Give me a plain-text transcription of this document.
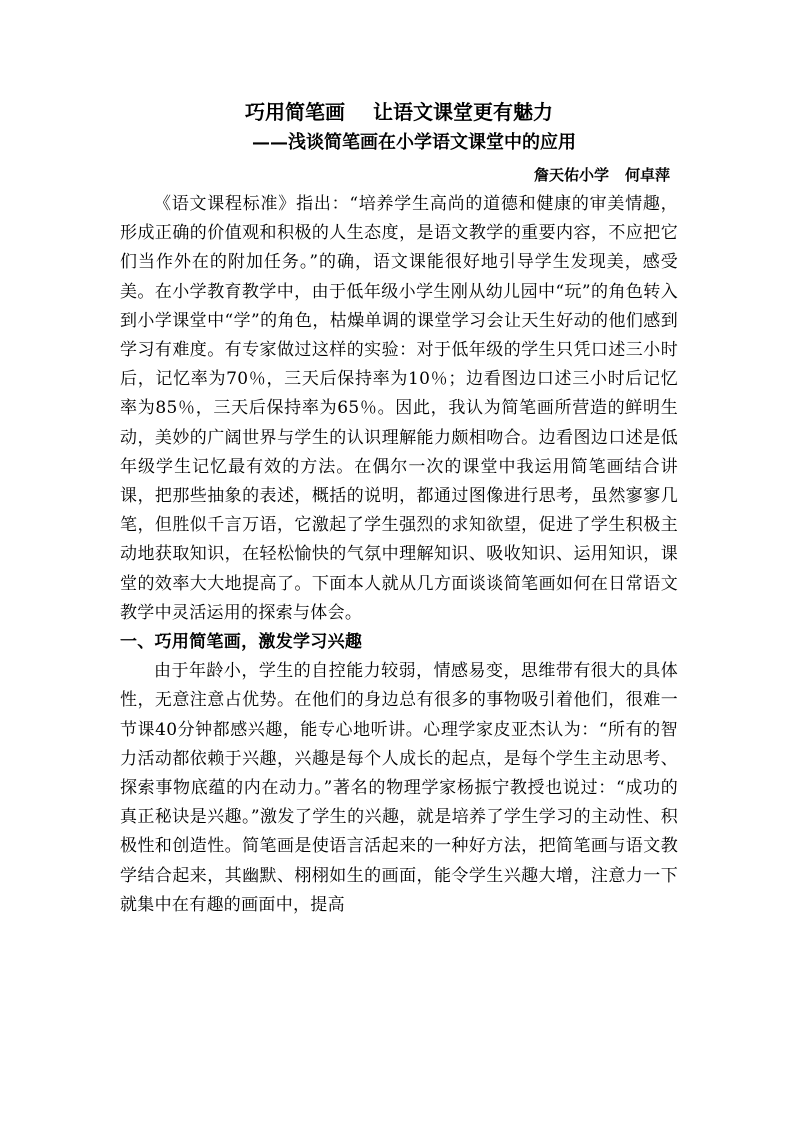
巧用简笔画 让语文课堂更有魅力

——浅谈简笔画在小学语文课堂中的应用

詹天佑小学 何卓萍

《语文课程标准》指出：“培养学生高尚的道德和健康的审美情趣，形成正确的价值观和积极的人生态度，是语文教学的重要内容，不应把它们当作外在的附加任务。”的确，语文课能很好地引导学生发现美，感受美。在小学教育教学中，由于低年级小学生刚从幼儿园中“玩”的角色转入到小学课堂中“学”的角色，枯燥单调的课堂学习会让天生好动的他们感到学习有难度。有专家做过这样的实验：对于低年级的学生只凭口述三小时后，记忆率为70％，三天后保持率为10％；边看图边口述三小时后记忆率为85％，三天后保持率为65％。因此，我认为简笔画所营造的鲜明生动，美妙的广阔世界与学生的认识理解能力颇相吻合。边看图边口述是低年级学生记忆最有效的方法。在偶尔一次的课堂中我运用简笔画结合讲课，把那些抽象的表述，概括的说明，都通过图像进行思考，虽然寥寥几笔，但胜似千言万语，它激起了学生强烈的求知欲望，促进了学生积极主动地获取知识，在轻松愉快的气氛中理解知识、吸收知识、运用知识，课堂的效率大大地提高了。下面本人就从几方面谈谈简笔画如何在日常语文教学中灵活运用的探索与体会。

一、巧用简笔画，激发学习兴趣

由于年龄小，学生的自控能力较弱，情感易变，思维带有很大的具体性，无意注意占优势。在他们的身边总有很多的事物吸引着他们，很难一节课40分钟都感兴趣，能专心地听讲。心理学家皮亚杰认为：“所有的智力活动都依赖于兴趣，兴趣是每个人成长的起点，是每个学生主动思考、探索事物底蕴的内在动力。”著名的物理学家杨振宁教授也说过：“成功的真正秘诀是兴趣。”激发了学生的兴趣，就是培养了学生学习的主动性、积极性和创造性。简笔画是使语言活起来的一种好方法，把简笔画与语文教学结合起来，其幽默、栩栩如生的画面，能令学生兴趣大增，注意力一下就集中在有趣的画面中，提高
